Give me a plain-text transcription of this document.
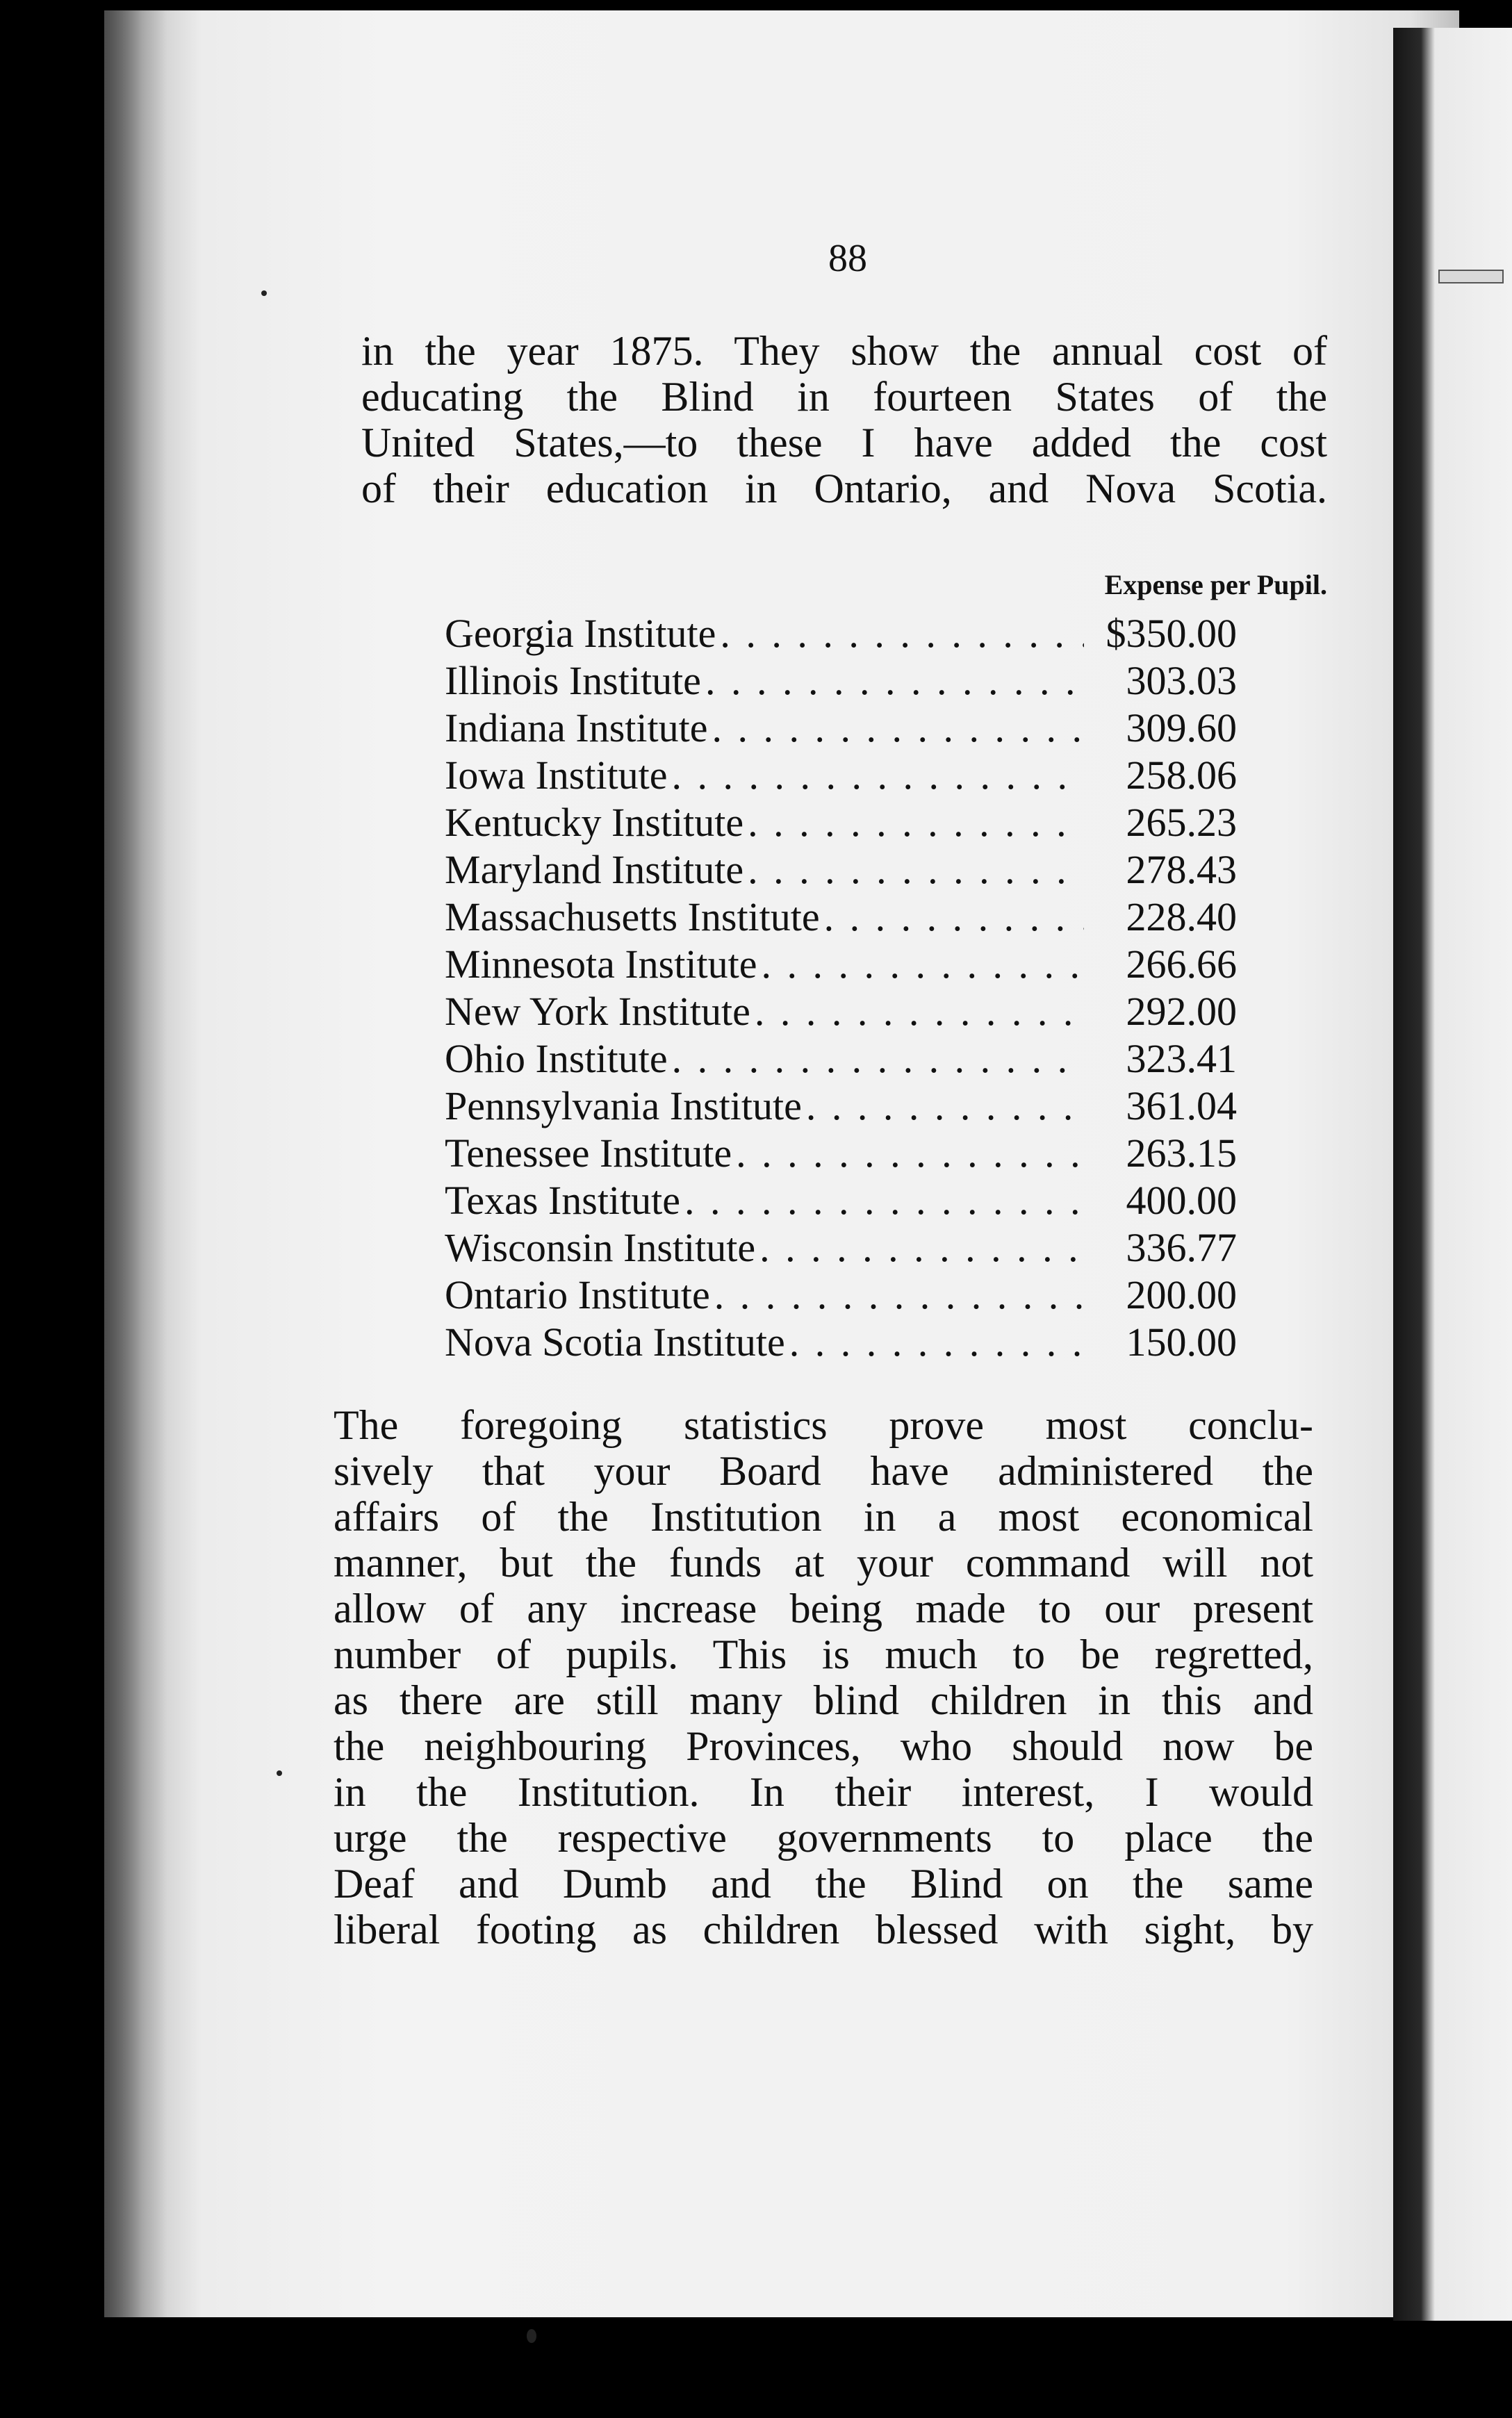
88
in the year 1875. They show the annual cost of
educating the Blind in fourteen States of the
United States,—to these I have added the cost
of their education in Ontario, and Nova Scotia.
Expense per Pupil.
Georgia Institute . . .	$350.00
Illinois Institute . . .	303.03
Indiana Institute . . .	309.60
Iowa Institute . . .	258.06
Kentucky Institute . . .	265.23
Maryland Institute . . .	278.43
Massachusetts Institute . . .	228.40
Minnesota Institute . . .	266.66
New York Institute . . .	292.00
Ohio Institute . . .	323.41
Pennsylvania Institute . . .	361.04
Tenessee Institute . . .	263.15
Texas Institute . . .	400.00
Wisconsin Institute . . .	336.77
Ontario Institute . . .	200.00
Nova Scotia Institute . . .	150.00
The foregoing statistics prove most conclu-
sively that your Board have administered the
affairs of the Institution in a most economical
manner, but the funds at your command will not
allow of any increase being made to our present
number of pupils. This is much to be regretted,
as there are still many blind children in this and
the neighbouring Provinces, who should now be
in the Institution. In their interest, I would
urge the respective governments to place the
Deaf and Dumb and the Blind on the same
liberal footing as children blessed with sight, by
